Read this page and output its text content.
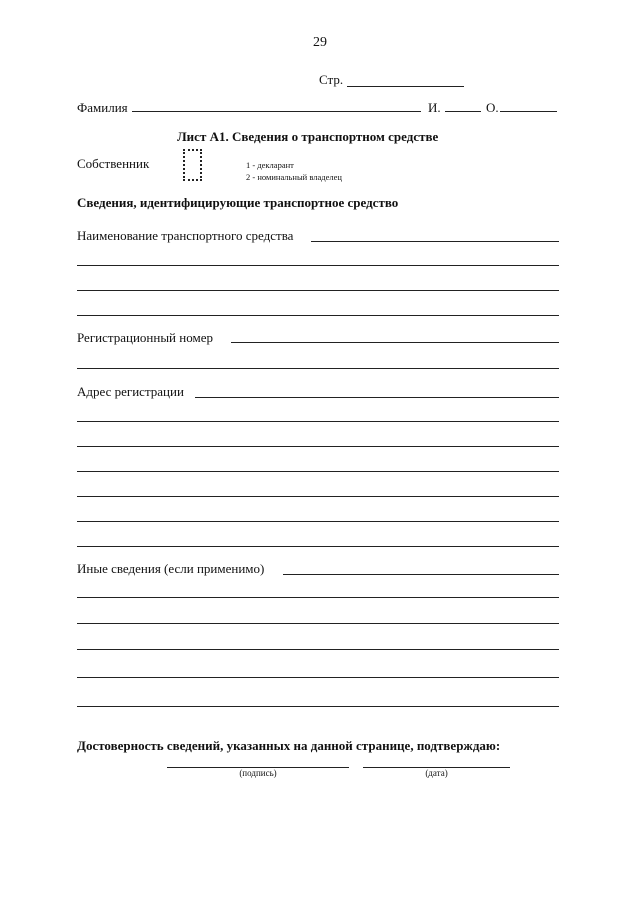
29
Стр.
Фамилия	И.	О.
Лист А1. Сведения о транспортном средстве
Собственник	1 - декларант
2 - номинальный владелец
Сведения, идентифицирующие транспортное средство
Наименование транспортного средства
Регистрационный номер
Адрес регистрации
Иные сведения (если применимо)
Достоверность сведений, указанных на данной странице, подтверждаю:
(подпись)	(дата)
